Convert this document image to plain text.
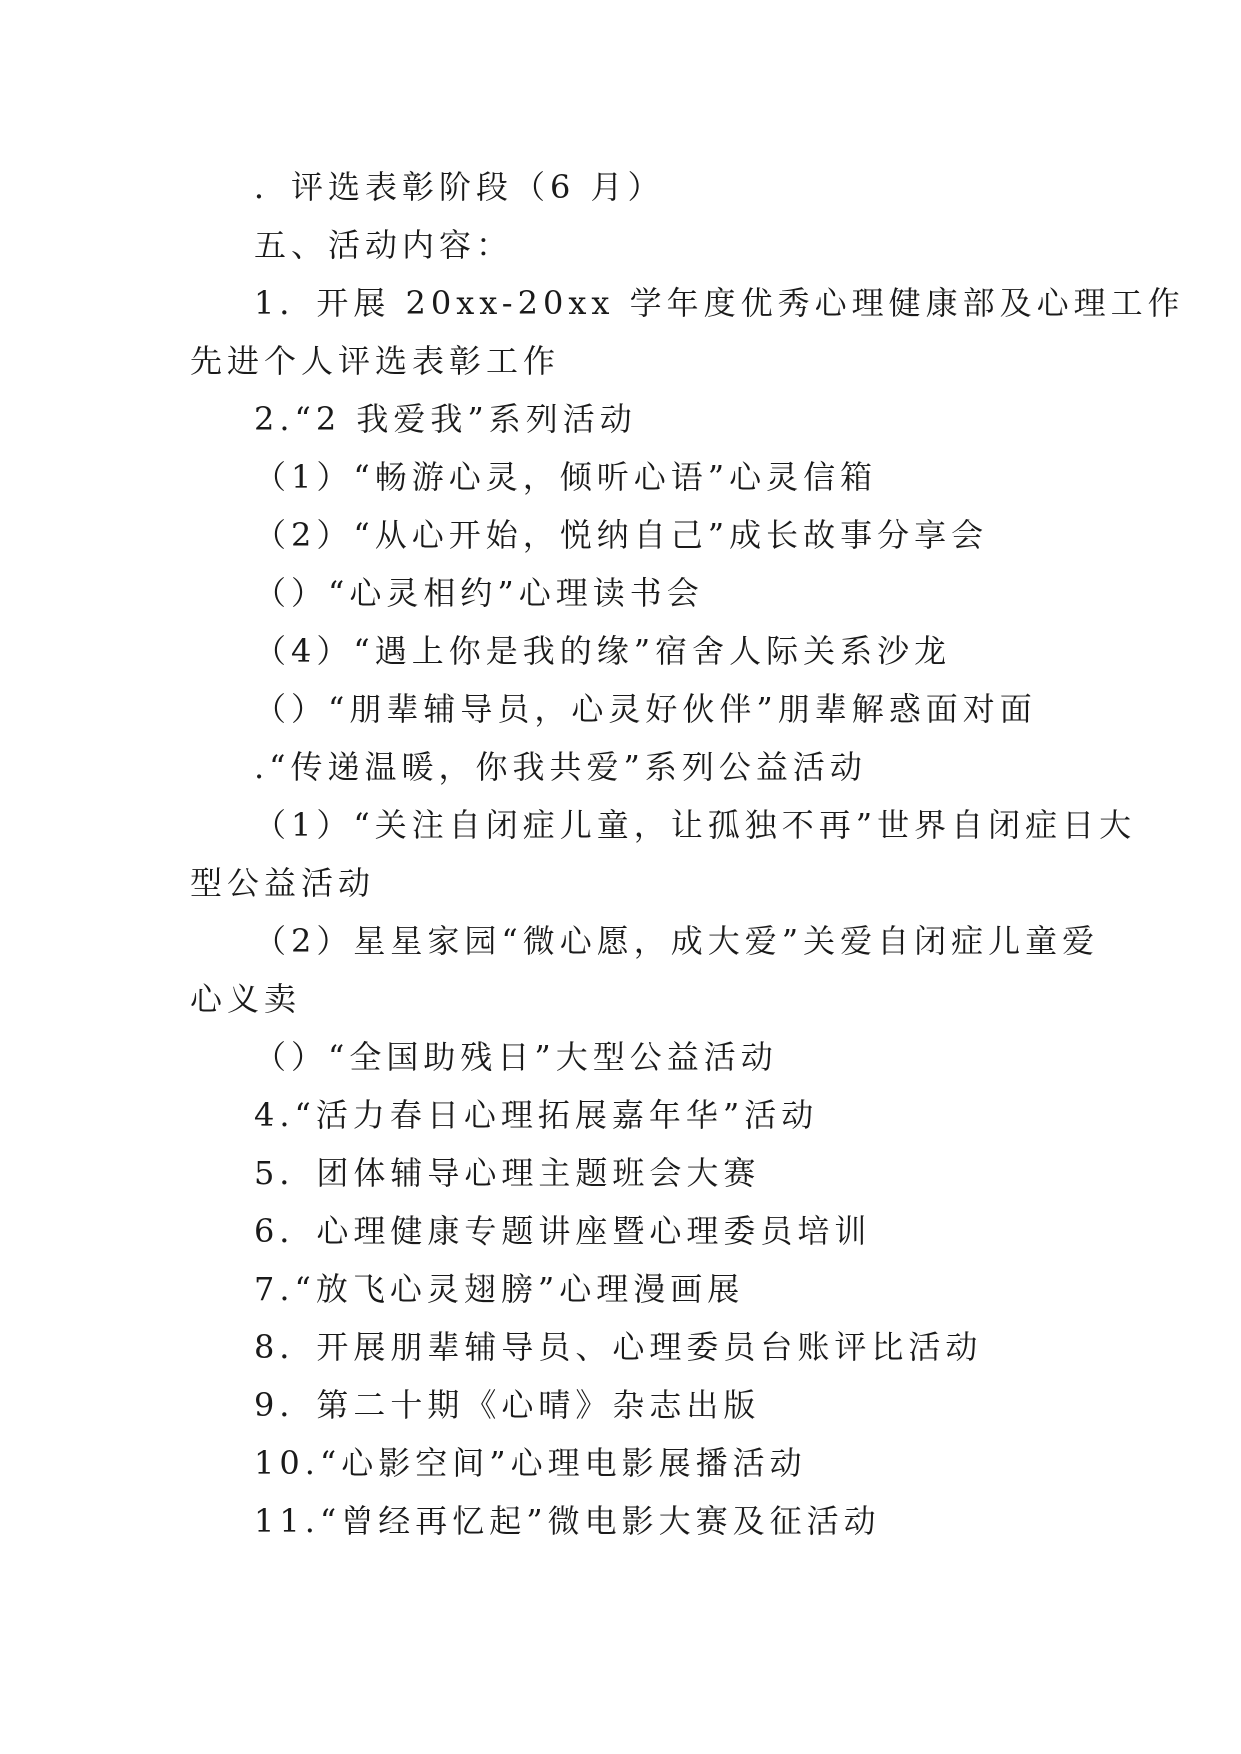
．评选表彰阶段（6 月）
五、活动内容：
1．开展 20xx-20xx 学年度优秀心理健康部及心理工作
先进个人评选表彰工作
2.“2 我爱我”系列活动
（1）“畅游心灵，倾听心语”心灵信箱
（2）“从心开始，悦纳自己”成长故事分享会
（）“心灵相约”心理读书会
（4）“遇上你是我的缘”宿舍人际关系沙龙
（）“朋辈辅导员，心灵好伙伴”朋辈解惑面对面
.“传递温暖，你我共爱”系列公益活动
（1）“关注自闭症儿童，让孤独不再”世界自闭症日大
型公益活动
（2）星星家园“微心愿，成大爱”关爱自闭症儿童爱
心义卖
（）“全国助残日”大型公益活动
4.“活力春日心理拓展嘉年华”活动
5．团体辅导心理主题班会大赛
6．心理健康专题讲座暨心理委员培训
7.“放飞心灵翅膀”心理漫画展
8．开展朋辈辅导员、心理委员台账评比活动
9．第二十期《心晴》杂志出版
10.“心影空间”心理电影展播活动
11.“曾经再忆起”微电影大赛及征活动
